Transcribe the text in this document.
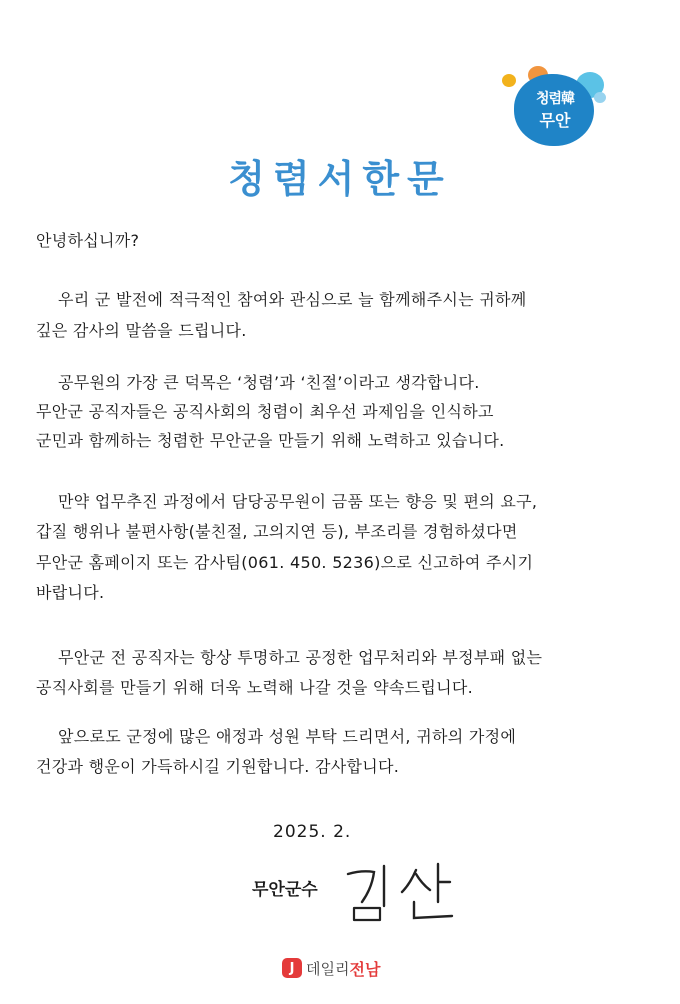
청렴韓
무안
청렴서한문
안녕하십니까?
우리 군 발전에 적극적인 참여와 관심으로 늘 함께해주시는 귀하께
깊은 감사의 말씀을 드립니다.
공무원의 가장 큰 덕목은 ‘청렴’과 ‘친절’이라고 생각합니다.
무안군 공직자들은 공직사회의 청렴이 최우선 과제임을 인식하고
군민과 함께하는 청렴한 무안군을 만들기 위해 노력하고 있습니다.
만약 업무추진 과정에서 담당공무원이 금품 또는 향응 및 편의 요구,
갑질 행위나 불편사항(불친절, 고의지연 등), 부조리를 경험하셨다면
무안군 홈페이지 또는 감사팀(061. 450. 5236)으로 신고하여 주시기
바랍니다.
무안군 전 공직자는 항상 투명하고 공정한 업무처리와 부정부패 없는
공직사회를 만들기 위해 더욱 노력해 나갈 것을 약속드립니다.
앞으로도 군정에 많은 애정과 성원 부탁 드리면서, 귀하의 가정에
건강과 행운이 가득하시길 기원합니다. 감사합니다.
2025. 2.
무안군수
J 데일리 전남
